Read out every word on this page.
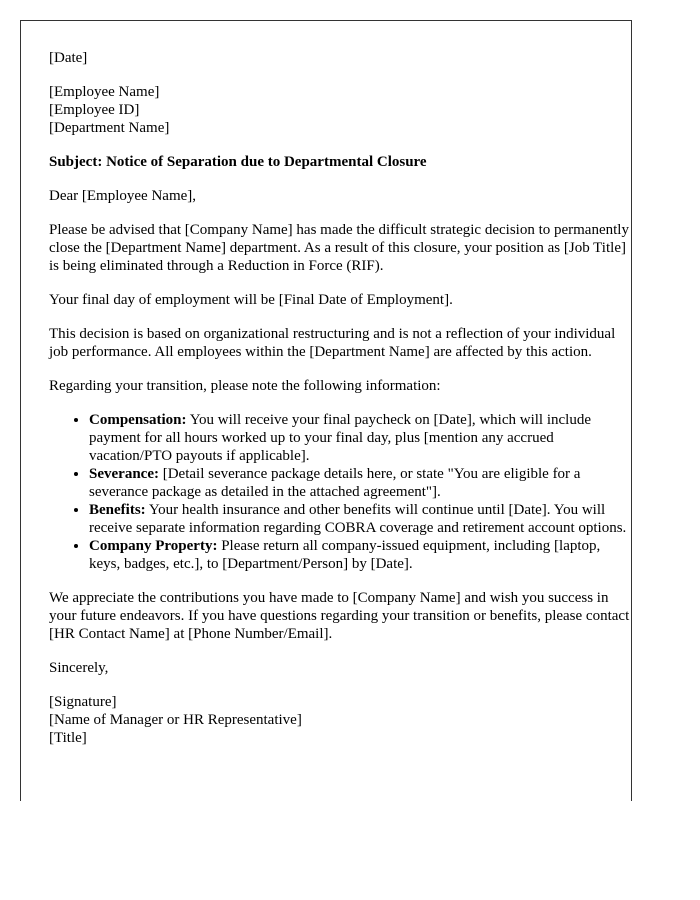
[Date]

[Employee Name]
[Employee ID]
[Department Name]

Subject: Notice of Separation due to Departmental Closure

Dear [Employee Name],

Please be advised that [Company Name] has made the difficult strategic decision to permanently close the [Department Name] department. As a result of this closure, your position as [Job Title] is being eliminated through a Reduction in Force (RIF).

Your final day of employment will be [Final Date of Employment].

This decision is based on organizational restructuring and is not a reflection of your individual job performance. All employees within the [Department Name] are affected by this action.

Regarding your transition, please note the following information:

• Compensation: You will receive your final paycheck on [Date], which will include payment for all hours worked up to your final day, plus [mention any accrued vacation/PTO payouts if applicable].
• Severance: [Detail severance package details here, or state "You are eligible for a severance package as detailed in the attached agreement"].
• Benefits: Your health insurance and other benefits will continue until [Date]. You will receive separate information regarding COBRA coverage and retirement account options.
• Company Property: Please return all company-issued equipment, including [laptop, keys, badges, etc.], to [Department/Person] by [Date].

We appreciate the contributions you have made to [Company Name] and wish you success in your future endeavors. If you have questions regarding your transition or benefits, please contact [HR Contact Name] at [Phone Number/Email].

Sincerely,

[Signature]
[Name of Manager or HR Representative]
[Title]
